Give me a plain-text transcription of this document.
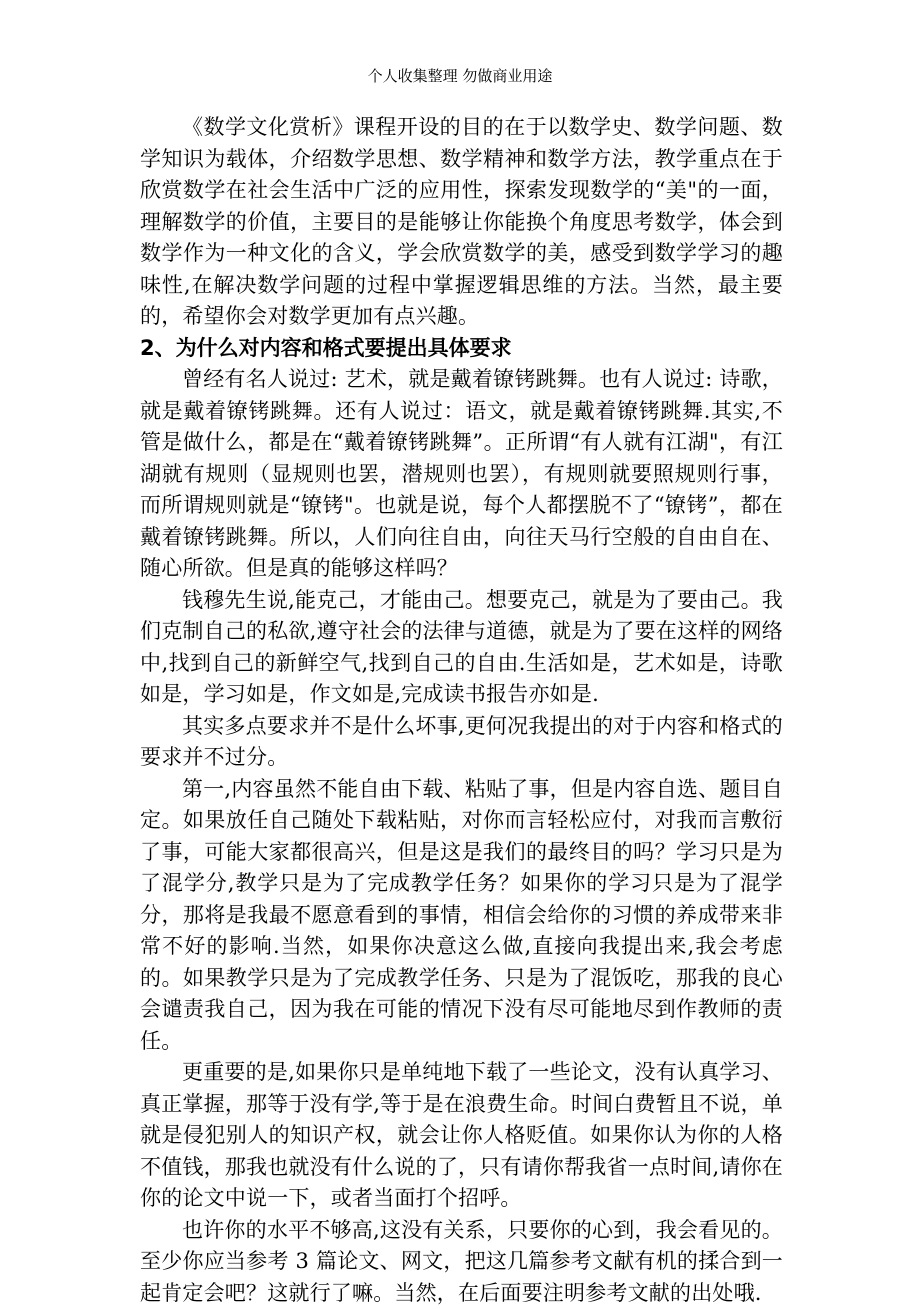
个人收集整理 勿做商业用途

《数学文化赏析》课程开设的目的在于以数学史、数学问题、数学知识为载体，介绍数学思想、数学精神和数学方法，教学重点在于欣赏数学在社会生活中广泛的应用性，探索发现数学的“美"的一面，理解数学的价值，主要目的是能够让你能换个角度思考数学，体会到数学作为一种文化的含义，学会欣赏数学的美，感受到数学学习的趣味性,在解决数学问题的过程中掌握逻辑思维的方法。当然，最主要的，希望你会对数学更加有点兴趣。

2、为什么对内容和格式要提出具体要求

曾经有名人说过: 艺术，就是戴着镣铐跳舞。也有人说过: 诗歌，就是戴着镣铐跳舞。还有人说过：语文，就是戴着镣铐跳舞.其实,不管是做什么，都是在“戴着镣铐跳舞”。正所谓“有人就有江湖"，有江湖就有规则（显规则也罢，潜规则也罢），有规则就要照规则行事，而所谓规则就是“镣铐"。也就是说，每个人都摆脱不了“镣铐”，都在戴着镣铐跳舞。所以，人们向往自由，向往天马行空般的自由自在、随心所欲。但是真的能够这样吗？

钱穆先生说,能克己，才能由己。想要克己，就是为了要由己。我们克制自己的私欲,遵守社会的法律与道德，就是为了要在这样的网络中,找到自己的新鲜空气,找到自己的自由.生活如是，艺术如是，诗歌如是，学习如是，作文如是,完成读书报告亦如是.

其实多点要求并不是什么坏事,更何况我提出的对于内容和格式的要求并不过分。

第一,内容虽然不能自由下载、粘贴了事，但是内容自选、题目自定。如果放任自己随处下载粘贴，对你而言轻松应付，对我而言敷衍了事，可能大家都很高兴，但是这是我们的最终目的吗？学习只是为了混学分,教学只是为了完成教学任务？如果你的学习只是为了混学分，那将是我最不愿意看到的事情，相信会给你的习惯的养成带来非常不好的影响.当然，如果你决意这么做,直接向我提出来,我会考虑的。如果教学只是为了完成教学任务、只是为了混饭吃，那我的良心会谴责我自己，因为我在可能的情况下没有尽可能地尽到作教师的责任。

更重要的是,如果你只是单纯地下载了一些论文，没有认真学习、真正掌握，那等于没有学,等于是在浪费生命。时间白费暂且不说，单就是侵犯别人的知识产权，就会让你人格贬值。如果你认为你的人格不值钱，那我也就没有什么说的了，只有请你帮我省一点时间,请你在你的论文中说一下，或者当面打个招呼。

也许你的水平不够高,这没有关系，只要你的心到，我会看见的。至少你应当参考 3 篇论文、网文，把这几篇参考文献有机的揉合到一起肯定会吧？这就行了嘛。当然，在后面要注明参考文献的出处哦.
